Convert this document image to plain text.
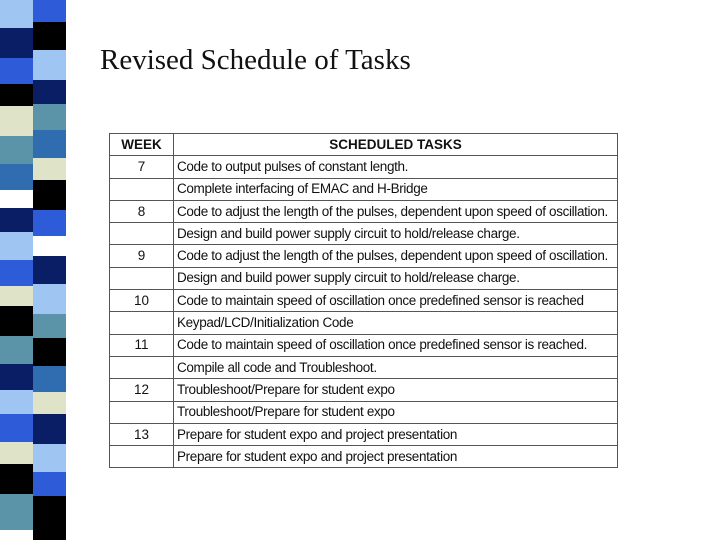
Revised Schedule of Tasks
WEEK	SCHEDULED TASKS
7	Code to output pulses of constant length.
	Complete interfacing of EMAC and H-Bridge
8	Code to adjust the length of the pulses, dependent upon speed of oscillation.
	Design and build power supply circuit to hold/release charge.
9	Code to adjust the length of the pulses, dependent upon speed of oscillation.
	Design and build power supply circuit to hold/release charge.
10	Code to maintain speed of oscillation once predefined sensor is reached
	Keypad/LCD/Initialization Code
11	Code to maintain speed of oscillation once predefined sensor is reached.
	Compile all code and Troubleshoot.
12	Troubleshoot/Prepare for student expo
	Troubleshoot/Prepare for student expo
13	Prepare for student expo and project presentation
	Prepare for student expo and project presentation
